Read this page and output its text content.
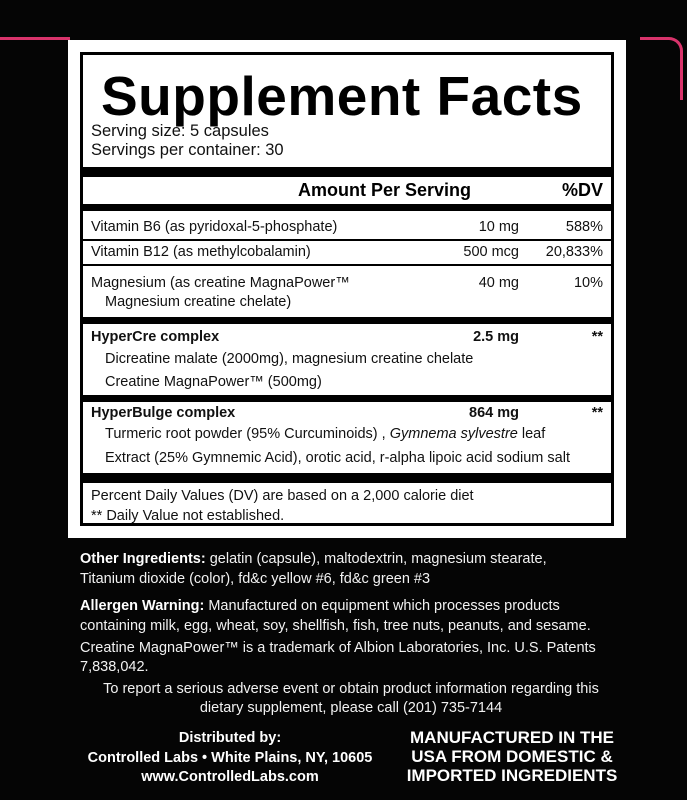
Supplement Facts
Serving size: 5 capsules
Servings per container: 30
Amount Per Serving	%DV
Vitamin B6 (as pyridoxal-5-phosphate)	10 mg	588%
Vitamin B12 (as methylcobalamin)	500 mcg 20,833%
Magnesium (as creatine MagnaPower™	40 mg	10%
Magnesium creatine chelate)
HyperCre complex	2.5 mg	**
Dicreatine malate (2000mg), magnesium creatine chelate
Creatine MagnaPower™ (500mg)
HyperBulge complex	864 mg	**
Turmeric root powder (95% Curcuminoids) , Gymnema sylvestre leaf
Extract (25% Gymnemic Acid), orotic acid, r-alpha lipoic acid sodium salt
Percent Daily Values (DV) are based on a 2,000 calorie diet
** Daily Value not established.
Other Ingredients: gelatin (capsule), maltodextrin, magnesium stearate,
Titanium dioxide (color), fd&c yellow #6, fd&c green #3
Allergen Warning: Manufactured on equipment which processes products
containing milk, egg, wheat, soy, shellfish, fish, tree nuts, peanuts, and sesame.
Creatine MagnaPower™ is a trademark of Albion Laboratories, Inc. U.S. Patents
7,838,042.
To report a serious adverse event or obtain product information regarding this
dietary supplement, please call (201) 735-7144
Distributed by:
Controlled Labs • White Plains, NY, 10605
www.ControlledLabs.com
MANUFACTURED IN THE
USA FROM DOMESTIC &
IMPORTED INGREDIENTS
